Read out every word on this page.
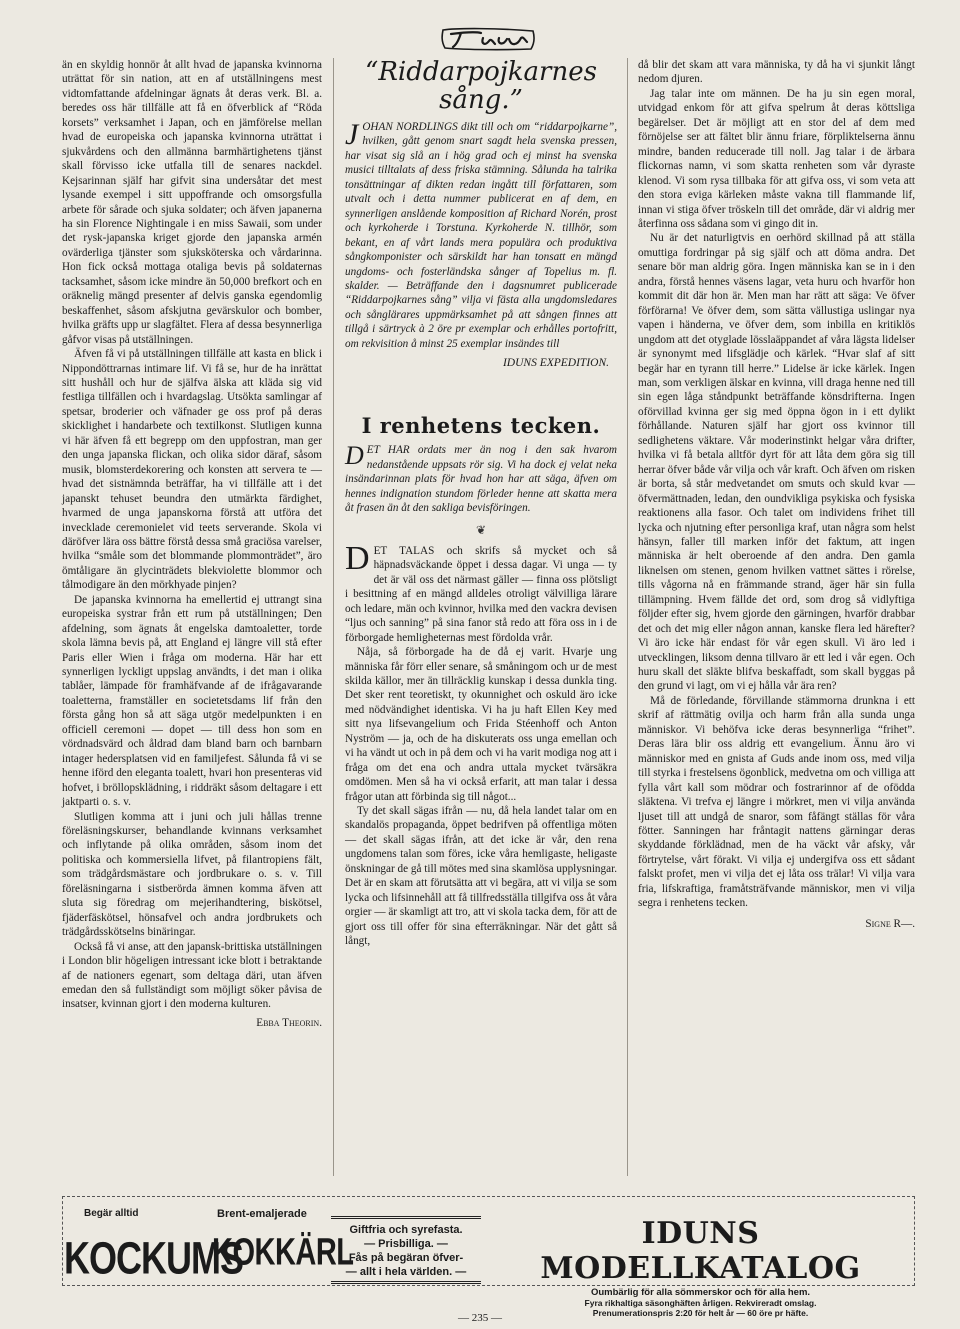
än en skyldig honnör åt allt hvad de japanska kvinnorna uträttat för sin nation, att en af utställningens mest vidtomfattande afdelningar ägnats åt deras verk. Bl. a. beredes oss här tillfälle att få en öfverblick af “Röda korsets” verksamhet i Japan, och en jämförelse mellan hvad de europeiska och japanska kvinnorna uträttat i sjukvårdens och den allmänna barmhärtighetens tjänst skall förvisso icke utfalla till de senares nackdel. Kejsarinnan själf har gifvit sina undersåtar det mest lysande exempel i sitt uppoffrande och omsorgsfulla arbete för sårade och sjuka soldater; och äfven japanerna ha sin Florence Nightingale i en miss Sawaii, som under det rysk-japanska kriget gjorde den japanska armén ovärderliga tjänster som sjuksköterska och vårdarinna. Hon fick också mottaga otaliga bevis på soldaternas tacksamhet, såsom icke mindre än 50,000 brefkort och en oräknelig mängd presenter af delvis ganska egendomlig beskaffenhet, såsom afskjutna gevärskulor och bomber, hvilka gräfts upp ur slagfältet. Flera af dessa besynnerliga gåfvor visas på utställningen.

Äfven få vi på utställningen tillfälle att kasta en blick i Nippondöttrarnas intimare lif. Vi få se, hur de ha inrättat sitt hushåll och hur de själfva älska att kläda sig vid festliga tillfällen och i hvardagslag. Utsökta samlingar af spetsar, broderier och väfnader ge oss prof på deras skicklighet i handarbete och textilkonst. Slutligen kunna vi här äfven få ett begrepp om den uppfostran, man ger den unga japanska flickan, och olika sidor däraf, såsom musik, blomsterdekorering och konsten att servera te — hvad det sistnämnda beträffar, ha vi tillfälle att i det japanskt tehuset beundra den utmärkta färdighet, hvarmed de unga japanskorna förstå att utföra det invecklade ceremonielet vid teets serverande. Skola vi däröfver lära oss bättre förstå dessa små graciösa varelser, hvilka “smålе som det blommande plommonträdet”, äro ömtåligare än glycinträdets blekviolette blommor och tålmodigare än den mörkhyade pinjen?

De japanska kvinnorna ha emellertid ej uttrangt sina europeiska systrar från ett rum på utställningen; Den afdelning, som ägnats åt engelska damtoaletter, torde skola lämna bevis på, att England ej längre vill stå efter Paris eller Wien i fråga om moderna. Här har ett synnerligen lyckligt uppslag användts, i det man i olika tablåer, lämpade för framhäfvande af de ifrågavarande toaletterna, framställer en societetsdams lif från den första gång hon så att säga utgör medelpunkten i en officiell ceremoni — dopet — till dess hon som en vördnadsvärd och åldrad dam bland barn och barnbarn intager hedersplatsen vid en familjefest. Sålunda få vi se henne iförd den eleganta toalett, hvari hon presenteras vid hofvet, i bröllopsklädning, i riddräkt såsom deltagare i ett jaktparti o. s. v.

Slutligen komma att i juni och juli hållas trenne föreläsningskurser, behandlande kvinnans verksamhet och inflytande på olika områden, såsom inom det politiska och kommersiella lifvet, på filantropiens fält, som trädgårdsmästare och jordbrukare o. s. v. Till föreläsningarna i sistberörda ämnen komma äfven att sluta sig föredrag om mejerihandtering, biskötsel, fjäderfäskötsel, hönsafvel och andra jordbrukets och trädgårdsskötselns binäringar.

Också få vi anse, att den japansk-brittiska utställningen i London blir högeligen intressant icke blott i betraktande af de nationers egenart, som deltaga däri, utan äfven emedan den så fullständigt som möjligt söker påvisa de insatser, kvinnan gjort i den moderna kulturen.

Ebba Theorin.
“Riddarpojkarnes sång.”
J OHAN NORDLINGS dikt till och om “riddarpojkarne”, hvilken, gått genom snart sagdt hela svenska pressen, har visat sig slå an i hög grad och ej minst ha svenska musici tilltalats af dess friska stämning. Sålunda ha talrika tonsättningar af dikten redan ingått till författaren, som utvalt och i detta nummer publicerat en af dem, en synnerligen anslående komposition af Richard Norén, prost och kyrkoherde i Torstuna. Kyrkoherde N. tillhör, som bekant, en af vårt lands mera populära och produktiva sångkomponister och särskildt har han tonsatt en mängd ungdoms- och fosterländska sånger af Topelius m. fl. skalder. — Beträffande den i dagsnumret publicerade “Riddarpojkarnes sång” vilja vi fästa alla ungdomsledares och sånglärares uppmärksamhet på att sången finnes att tillgå i särtryck à 2 öre pr exemplar och erhålles portofritt, om rekvisition å minst 25 exemplar insändes till
IDUNS EXPEDITION.
I renhetens tecken.
D ET HAR ordats mer än nog i den sak hvarom nedanstående uppsats rör sig. Vi ha dock ej velat neka insändarinnan plats för hvad hon har att säga, äfven om hennes indignation stundom förleder henne att skatta mera åt frasen än åt den sakliga bevisföringen.
❦

DET TALAS och skrifs så mycket och så häpnadsväckande öppet i dessa dagar. Vi unga — ty det är väl oss det närmast gäller — finna oss plötsligt i besittning af en mängd alldeles otroligt välvilliga lärare och ledare, män och kvinnor, hvilka med den vackra devisen “ljus och sanning” på sina fanor stå redo att föra oss in i de förborgade hemligheternas mest fördolda vrår.

Nåja, så förborgade ha de då ej varit. Hvarje ung människa får förr eller senare, så småningom och ur de mest skilda källor, mer än tillräcklig kunskap i dessa dunkla ting. Det sker rent teoretiskt, ty okunnighet och oskuld äro icke med nödvändighet identiska. Vi ha ju haft Ellen Key med sitt nya lifsevangelium och Frida Stéenhoff och Anton Nyström — ja, och de ha diskuterats oss unga emellan och vi ha vändt ut och in på dem och vi ha varit modiga nog att i fråga om det ena och andra uttala mycket tvärsäkra omdömen. Men så ha vi också erfarit, att man talar i dessa frågor utan att förbinda sig till något...

Ty det skall sägas ifrån — nu, då hela landet talar om en skandalös propaganda, öppet bedrifven på offentliga möten — det skall sägas ifrån, att det icke är vår, den rena ungdomens talan som föres, icke våra hemligaste, heligaste önskningar de gå till mötes med sina skamlösa upplysningar. Det är en skam att förutsätta att vi begära, att vi vilja se som lycka och lifsinnehåll att få tillfredsställa tillgifva oss åt våra orgier — är skamligt att tro, att vi skola tacka dem, för att de gjort oss till offer för sina efterräkningar. När det gått så långt,

då blir det skam att vara människa, ty då ha vi sjunkit långt nedom djuren.

Jag talar inte om männen. De ha ju sin egen moral, utvidgad enkom för att gifva spelrum åt deras köttsliga begärelser. Det är möjligt att en stor del af dem med förnöjelse ser att fältet blir ännu friare, förpliktelserna ännu mindre, banden reducerade till noll. Jag talar i de ärbara flickornas namn, vi som skatta renheten som vår dyraste klenod. Vi som rysa tillbaka för att gifva oss, vi som veta att den stora eviga kärleken måste vakna till flammande lif, innan vi stiga öfver tröskeln till det område, där vi aldrig mer återfinna oss sådana som vi gingo dit in.

Nu är det naturligtvis en oerhörd skillnad på att ställa omuttiga fordringar på sig själf och att döma andra. Det senare bör man aldrig göra. Ingen människa kan se in i den andra, förstå hennes väsens lagar, veta huru och hvarför hon kommit dit där hon är. Men man har rätt att säga: Ve öfver förförarna! Ve öfver dem, som sätta vällustiga uslingar nya vapen i händerna, ve öfver dem, som inbilla en kritiklös ungdom att det otyglade lösslaäppandet af våra lägsta lidelser är synonymt med lifsglädje och kärlek. “Hvar slaf af sitt begär har en tyrann till herre.” Lidelse är icke kärlek. Ingen man, som verkligen älskar en kvinna, vill draga henne ned till sin egen låga ståndpunkt beträffande könsdrifterna. Ingen oförvillad kvinna ger sig med öppna ögon in i ett dylikt förhållande. Naturen själf har gjort oss kvinnor till sedlighetens väktare. Vår moderinstinkt helgar våra drifter, hvilka vi få betala alltför dyrt för att låta dem göra sig till herrar öfver både vår vilja och vår kraft. Och äfven om risken är borta, så står medvetandet om smuts och skuld kvar — öfvermättnaden, ledan, den oundvikliga psykiska och fysiska reaktionens alla fasor. Och talet om individens frihet till lycka och njutning efter personliga kraf, utan några som helst hänsyn, faller till marken inför det faktum, att ingen människa är helt oberoende af den andra. Den gamla liknelsen om stenen, genom hvilken vattnet sättes i rörelse, tills vågorna nå en främmande strand, äger här sin fulla tillämpning. Hvem fällde det ord, som drog så vidlyftiga följder efter sig, hvem gjorde den gärningen, hvarför drabbar det och det mig eller någon annan, kanske flera led härefter? Vi äro icke här endast för vår egen skull. Vi äro led i utvecklingen, liksom denna tillvaro är ett led i vår egen. Och huru skall det släkte blifva beskaffadt, som skall byggas på den grund vi lagt, om vi ej hålla vår ära ren?

Må de förledande, förvillande stämmorna drunkna i ett skrif af rättmätig ovilja och harm från alla sunda unga människor. Vi behöfva icke deras besynnerliga “frihet”. Deras lära blir oss aldrig ett evangelium. Ännu äro vi människor med en gnista af Guds ande inom oss, med vilja till styrka i frestelsens ögonblick, medvetna om och villiga att fylla vårt kall som mödrar och fostrarinnor af de ofödda släktena. Vi trefva ej längre i mörkret, men vi vilja använda ljuset till att undgå de snaror, som fåfängt ställas för våra fötter. Sanningen har fråntagit nattens gärningar deras skyddande förklädnad, men de ha väckt vår afsky, vår förtrytelse, vårt förakt. Vi vilja ej undergifva oss ett sådant falskt profet, men vi vilja det ej låta oss trälar! Vi vilja vara fria, lifskraftiga, framåtsträfvande människor, men vi vilja segra i renhetens tecken.

Signe R—.
Begär alltid
KOCKUMS
Brent-emaljerade
KOKKÄRL
Giftfria och syrefasta.
— Prisbilliga. —
Fås på begäran öfver-
— allt i hela världen. —
IDUNS MODELLKATALOG
Oumbärlig för alla sömmerskor och för alla hem.
Fyra rikhaltiga säsonghäften årligen. Rekvireradt omslag.
Prenumerationspris 2:20 för helt år — 60 öre pr häfte.
— 235 —
